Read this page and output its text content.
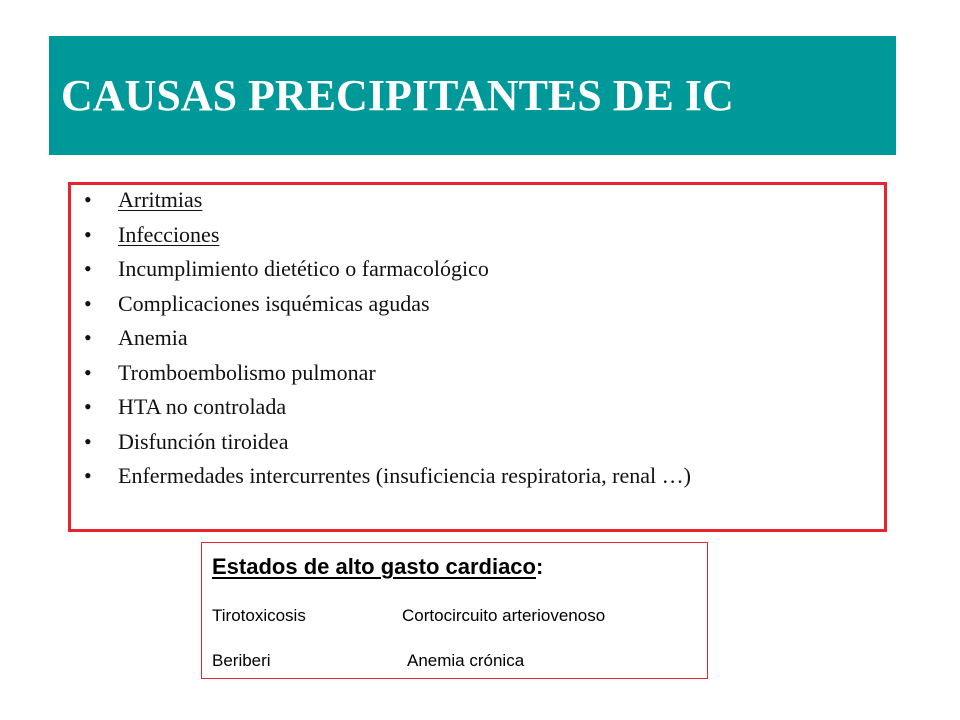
CAUSAS PRECIPITANTES DE IC
• Arritmias
• Infecciones
• Incumplimiento dietético o farmacológico
• Complicaciones isquémicas agudas
• Anemia
• Tromboembolismo pulmonar
• HTA no controlada
• Disfunción tiroidea
• Enfermedades intercurrentes (insuficiencia respiratoria, renal …)
Estados de alto gasto cardiaco:
Tirotoxicosis	Cortocircuito arteriovenoso
Beriberi	Anemia crónica
